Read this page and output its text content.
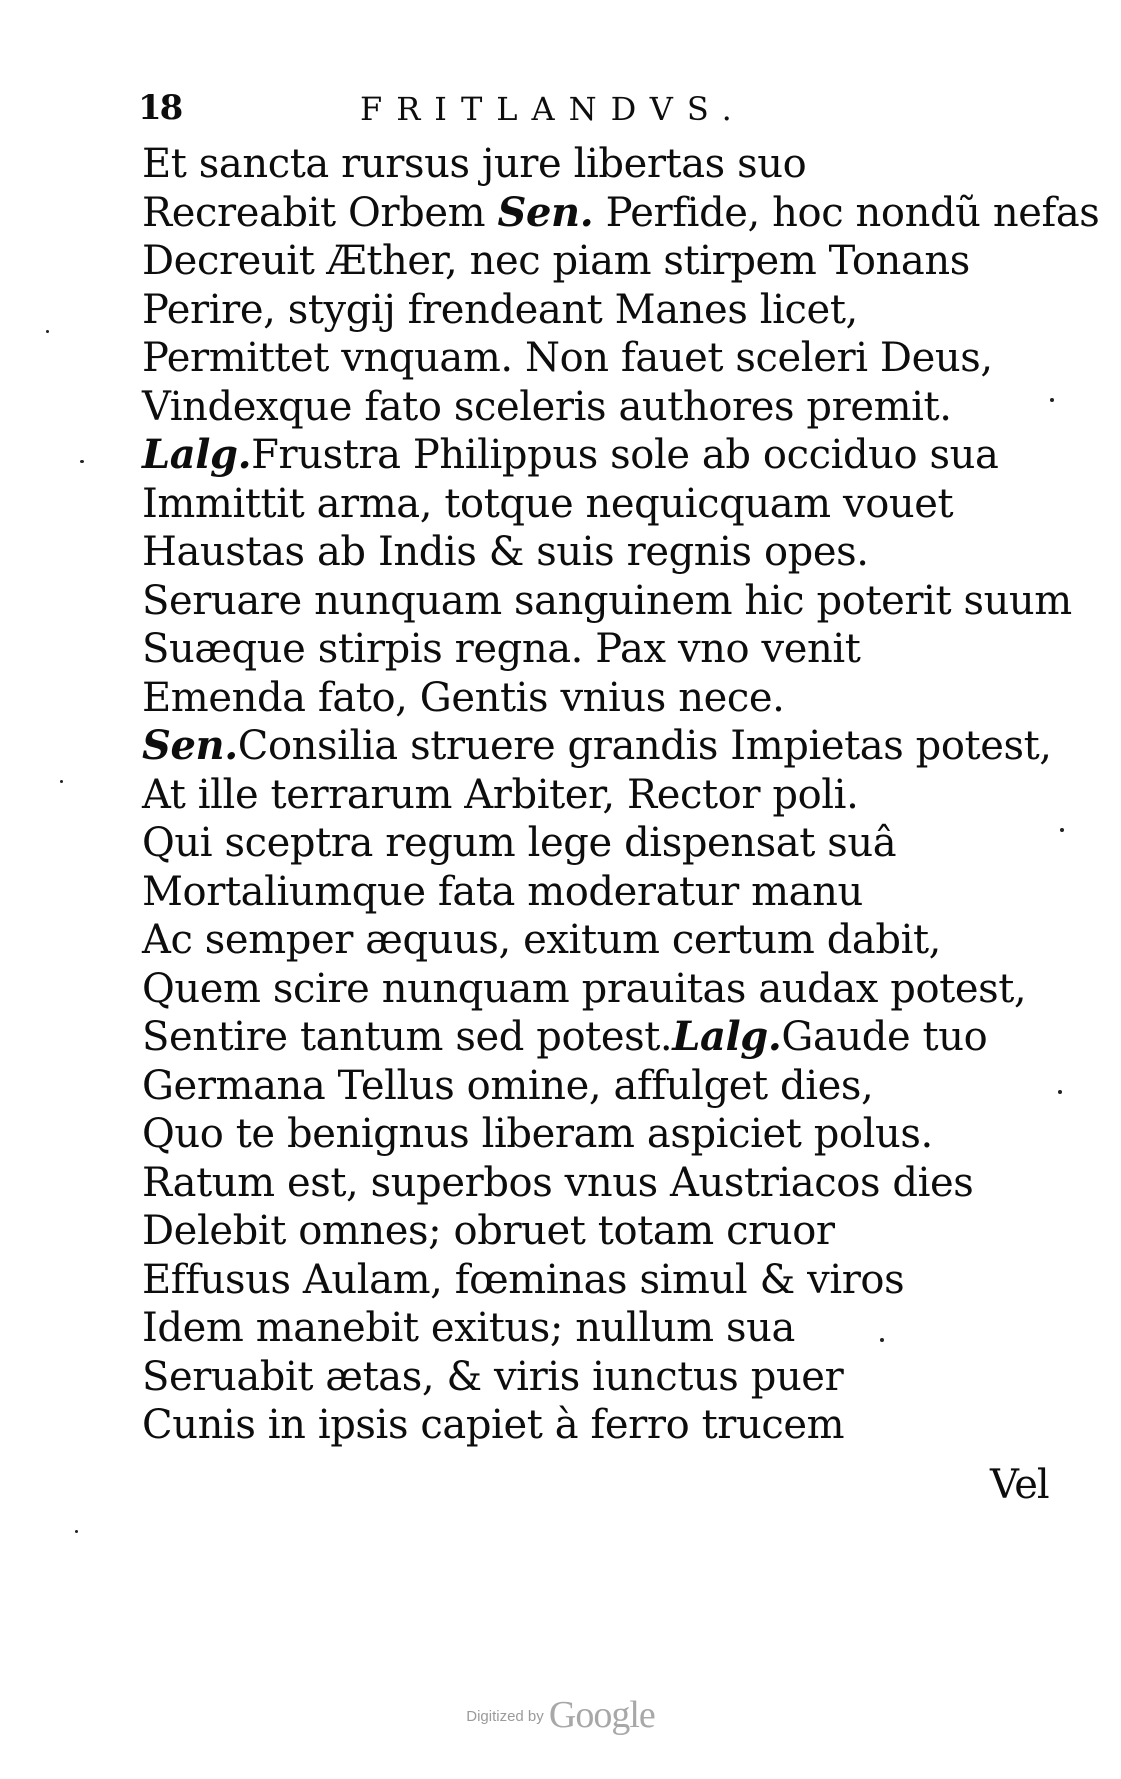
18	FRITLANDVS.
Et sancta rursus jure libertas suo
Recreabit Orbem Sen. Perfide, hoc nondũ nefas
Decreuit Æther, nec piam stirpem Tonans
Perire, stygij frendeant Manes licet,
Permittet vnquam. Non fauet sceleri Deus,
Vindexque fato sceleris authores premit.
Lalg.Frustra Philippus sole ab occiduo sua
Immittit arma, totque nequicquam vouet
Haustas ab Indis & suis regnis opes.
Seruare nunquam sanguinem hic poterit suum
Suæque stirpis regna. Pax vno venit
Emenda fato, Gentis vnius nece.
Sen.Consilia struere grandis Impietas potest,
At ille terrarum Arbiter, Rector poli.
Qui sceptra regum lege dispensat suâ
Mortaliumque fata moderatur manu
Ac semper æquus, exitum certum dabit,
Quem scire nunquam prauitas audax potest,
Sentire tantum sed potest.Lalg.Gaude tuo
Germana Tellus omine, affulget dies,
Quo te benignus liberam aspiciet polus.
Ratum est, superbos vnus Austriacos dies
Delebit omnes; obruet totam cruor
Effusus Aulam, fœminas simul & viros
Idem manebit exitus; nullum sua
Seruabit ætas, & viris iunctus puer
Cunis in ipsis capiet à ferro trucem
Vel
Digitized by Google
